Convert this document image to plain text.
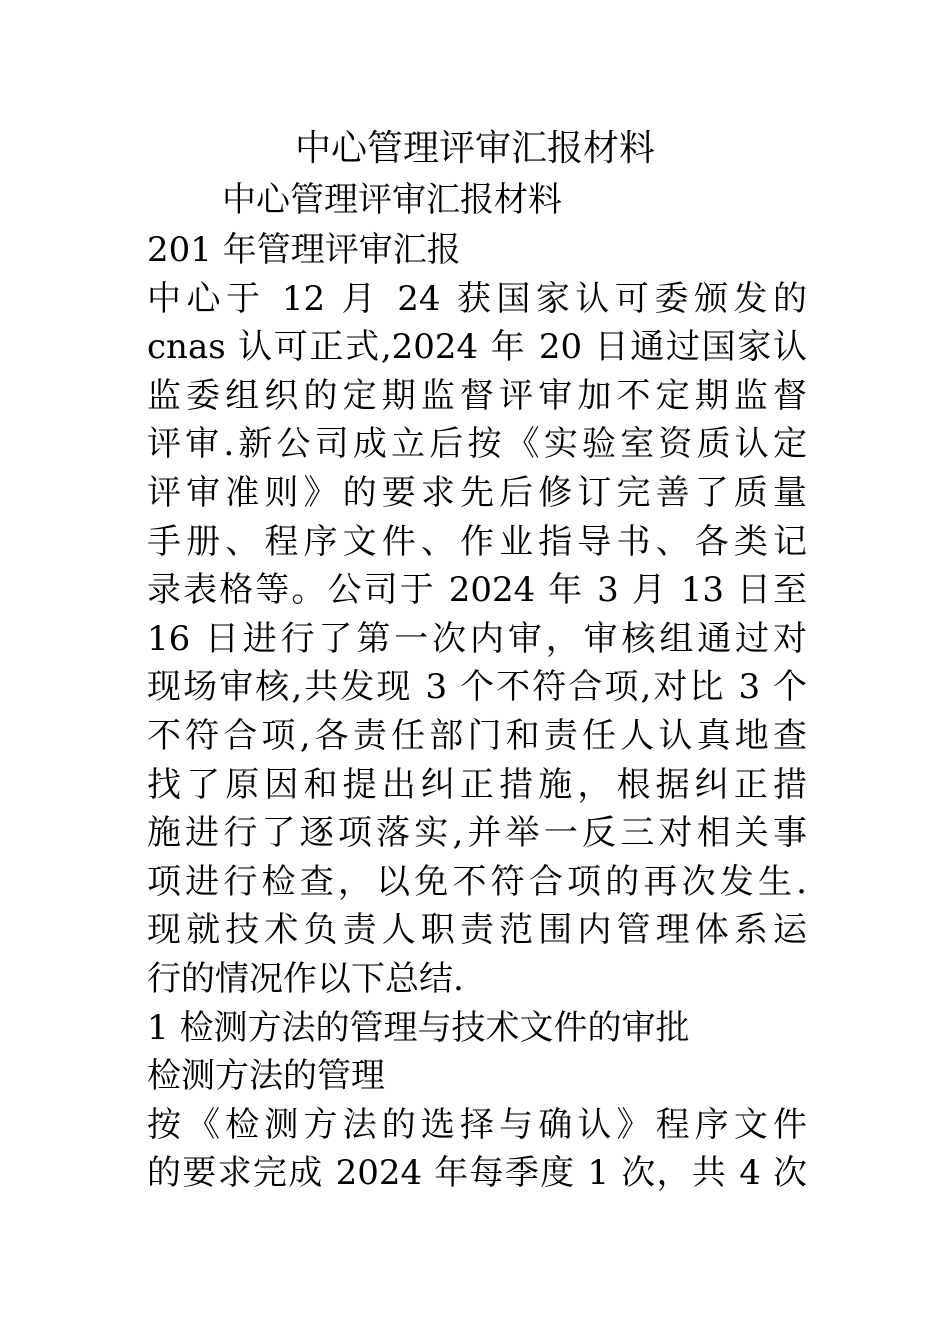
中心管理评审汇报材料
中心管理评审汇报材料
201 年管理评审汇报
中心于 12 月 24 获国家认可委颁发的
cnas 认可正式,2024 年 20 日通过国家认
监委组织的定期监督评审加不定期监督
评审.新公司成立后按《实验室资质认定
评审准则》的要求先后修订完善了质量
手册、程序文件、作业指导书、各类记
录表格等。公司于 2024 年 3 月 13 日至
16 日进行了第一次内审，审核组通过对
现场审核,共发现 3 个不符合项,对比 3 个
不符合项,各责任部门和责任人认真地查
找了原因和提出纠正措施，根据纠正措
施进行了逐项落实,并举一反三对相关事
项进行检查，以免不符合项的再次发生.
现就技术负责人职责范围内管理体系运
行的情况作以下总结.
1 检测方法的管理与技术文件的审批
检测方法的管理
按《检测方法的选择与确认》程序文件
的要求完成 2024 年每季度 1 次，共 4 次
